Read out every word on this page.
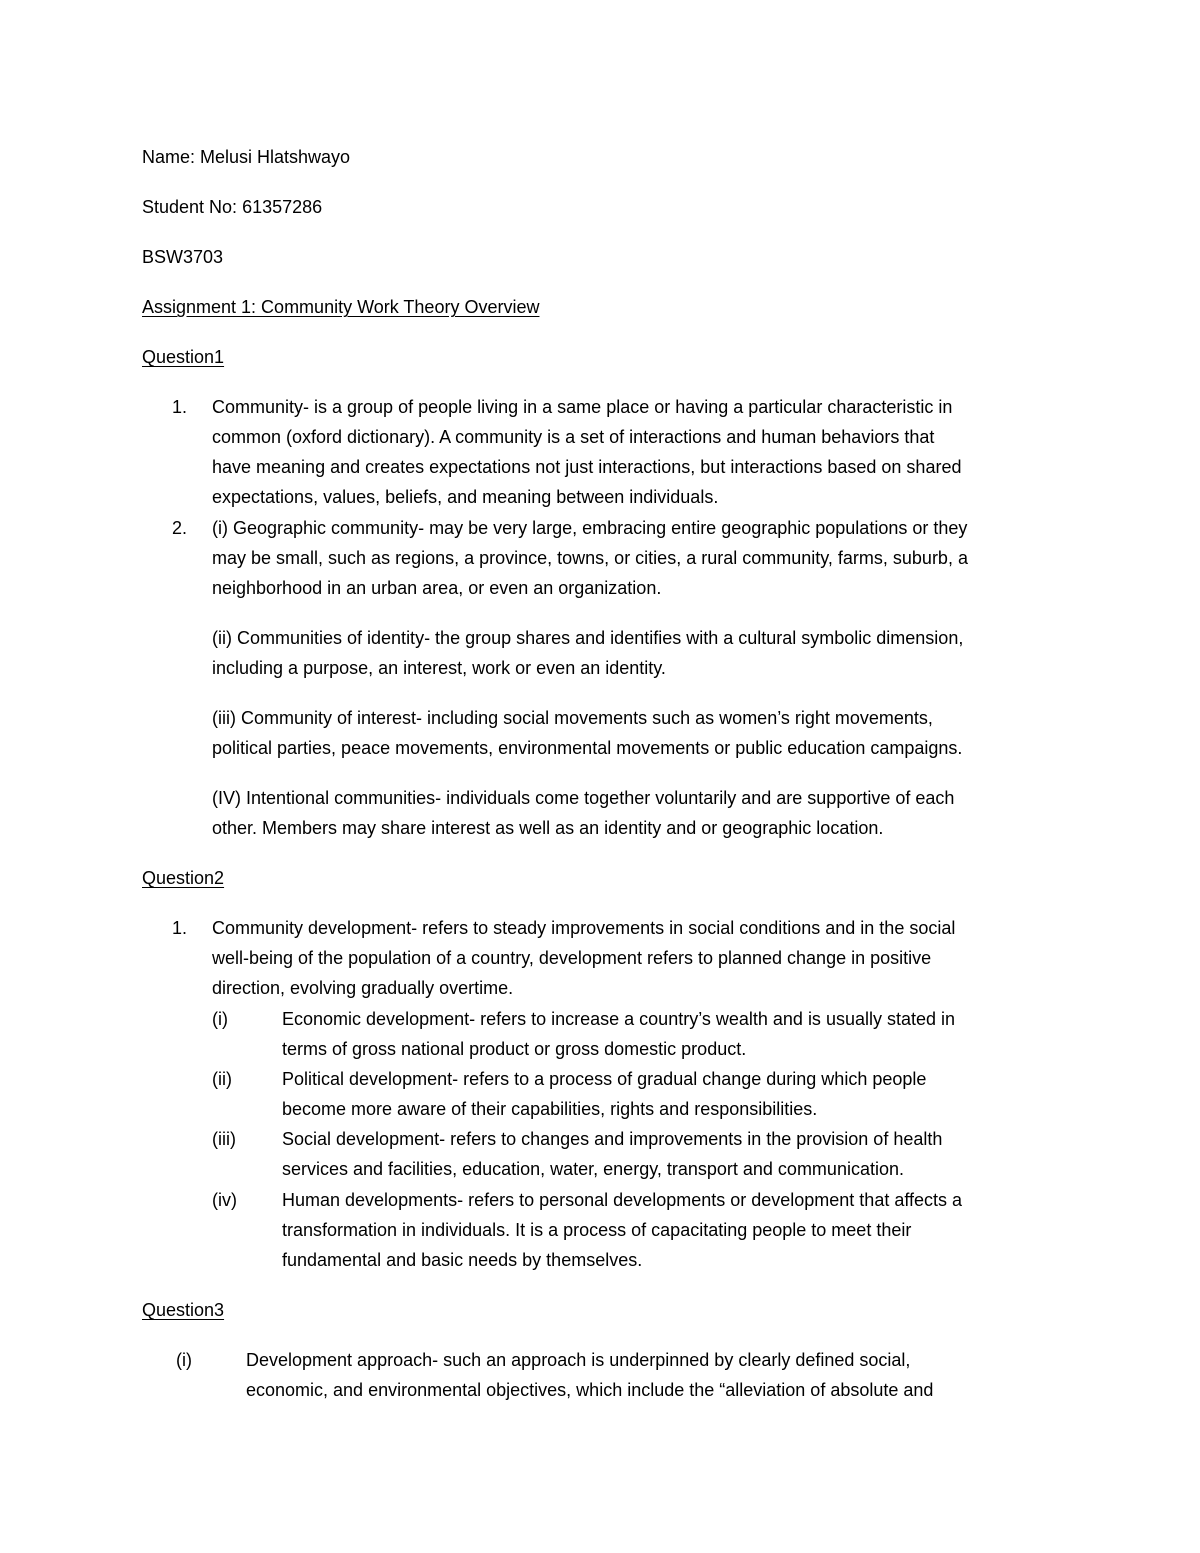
Name: Melusi Hlatshwayo
Student No: 61357286
BSW3703
Assignment 1: Community Work Theory Overview
Question1
1. Community- is a group of people living in a same place or having a particular characteristic in
common (oxford dictionary). A community is a set of interactions and human behaviors that
have meaning and creates expectations not just interactions, but interactions based on shared
expectations, values, beliefs, and meaning between individuals.
2. (i) Geographic community- may be very large, embracing entire geographic populations or they
may be small, such as regions, a province, towns, or cities, a rural community, farms, suburb, a
neighborhood in an urban area, or even an organization.
(ii) Communities of identity- the group shares and identifies with a cultural symbolic dimension,
including a purpose, an interest, work or even an identity.
(iii) Community of interest- including social movements such as women’s right movements,
political parties, peace movements, environmental movements or public education campaigns.
(IV) Intentional communities- individuals come together voluntarily and are supportive of each
other. Members may share interest as well as an identity and or geographic location.
Question2
1. Community development- refers to steady improvements in social conditions and in the social
well-being of the population of a country, development refers to planned change in positive
direction, evolving gradually overtime.
(i)	Economic development- refers to increase a country’s wealth and is usually stated in
terms of gross national product or gross domestic product.
(ii)	Political development- refers to a process of gradual change during which people
become more aware of their capabilities, rights and responsibilities.
(iii)	Social development- refers to changes and improvements in the provision of health
services and facilities, education, water, energy, transport and communication.
(iv)	Human developments- refers to personal developments or development that affects a
transformation in individuals. It is a process of capacitating people to meet their
fundamental and basic needs by themselves.
Question3
(i)	Development approach- such an approach is underpinned by clearly defined social,
economic, and environmental objectives, which include the “alleviation of absolute and
